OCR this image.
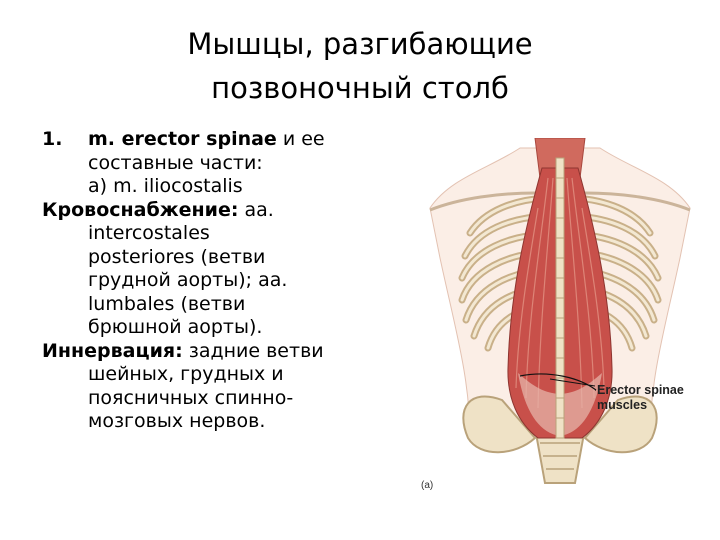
Мышцы, разгибающие
позвоночный столб
1. m. erector spinae и ее
составные части:
а) m. iliocostalis
Кровоснабжение: аа.
intercostales
posteriores (ветви
грудной аорты); аа.
lumbales (ветви
брюшной аорты).
Иннервация: задние ветви
шейных, грудных и
поясничных спинно-
мозговых нервов.
Erector spinae
muscles
(a)
